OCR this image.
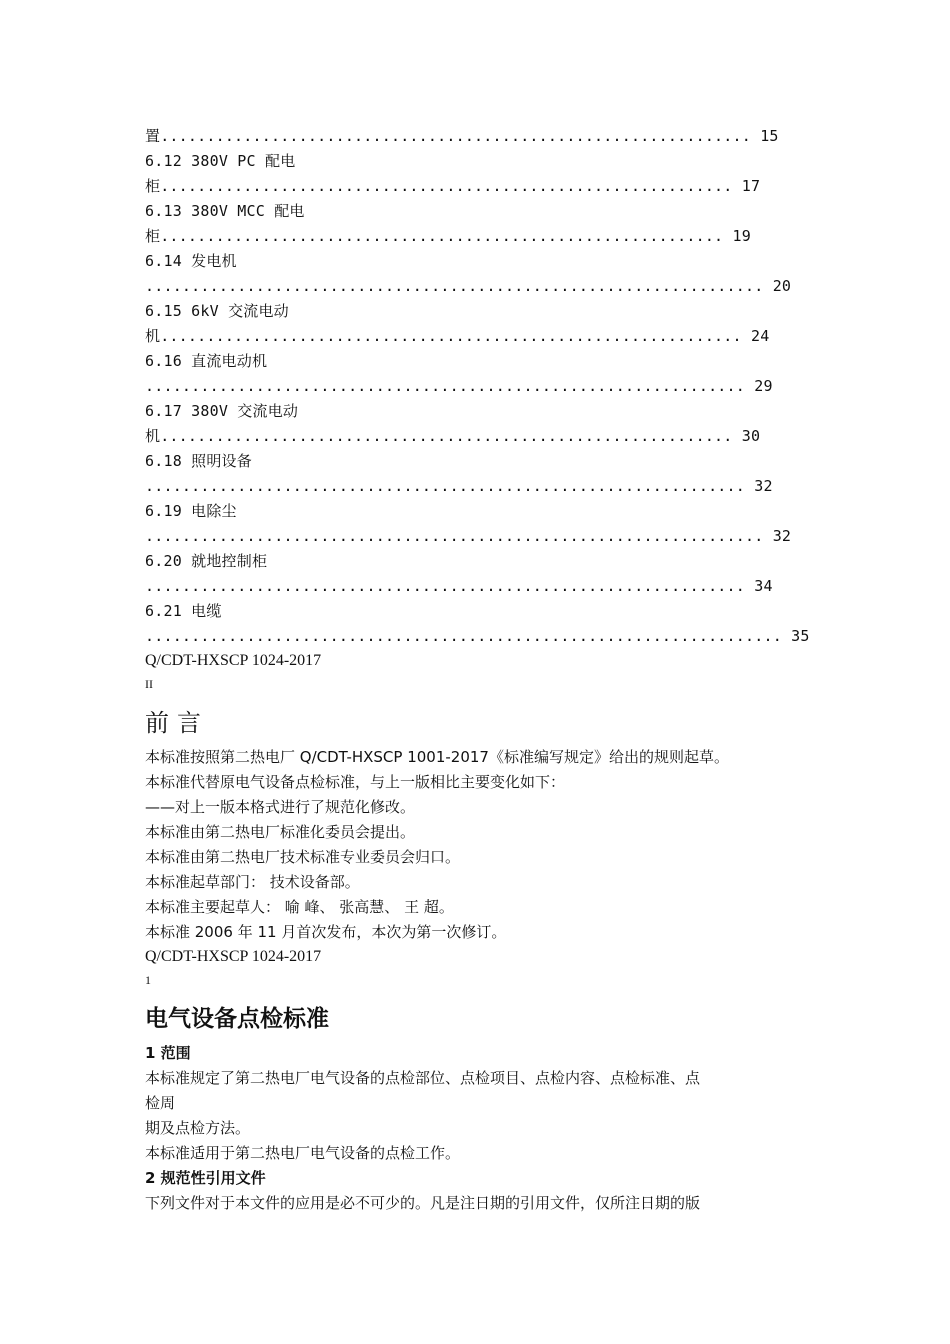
置................................................................ 15
6.12 380V PC 配电
柜.............................................................. 17
6.13 380V MCC 配电
柜............................................................. 19
6.14 发电机
................................................................... 20
6.15 6kV 交流电动
机............................................................... 24
6.16 直流电动机
................................................................. 29
6.17 380V 交流电动
机.............................................................. 30
6.18 照明设备
................................................................. 32
6.19 电除尘
................................................................... 32
6.20 就地控制柜
................................................................. 34
6.21 电缆
..................................................................... 35
Q/CDT-HXSCP 1024-2017
II
前言
本标准按照第二热电厂 Q/CDT-HXSCP 1001-2017《标准编写规定》给出的规则起草。
本标准代替原电气设备点检标准，与上一版相比主要变化如下：
——对上一版本格式进行了规范化修改。
本标准由第二热电厂标准化委员会提出。
本标准由第二热电厂技术标准专业委员会归口。
本标准起草部门： 技术设备部。
本标准主要起草人： 喻 峰、 张高慧、 王 超。
本标准 2006 年 11 月首次发布，本次为第一次修订。
Q/CDT-HXSCP 1024-2017
1
电气设备点检标准
1 范围
本标准规定了第二热电厂电气设备的点检部位、点检项目、点检内容、点检标准、点
检周
期及点检方法。
本标准适用于第二热电厂电气设备的点检工作。
2 规范性引用文件
下列文件对于本文件的应用是必不可少的。凡是注日期的引用文件，仅所注日期的版
